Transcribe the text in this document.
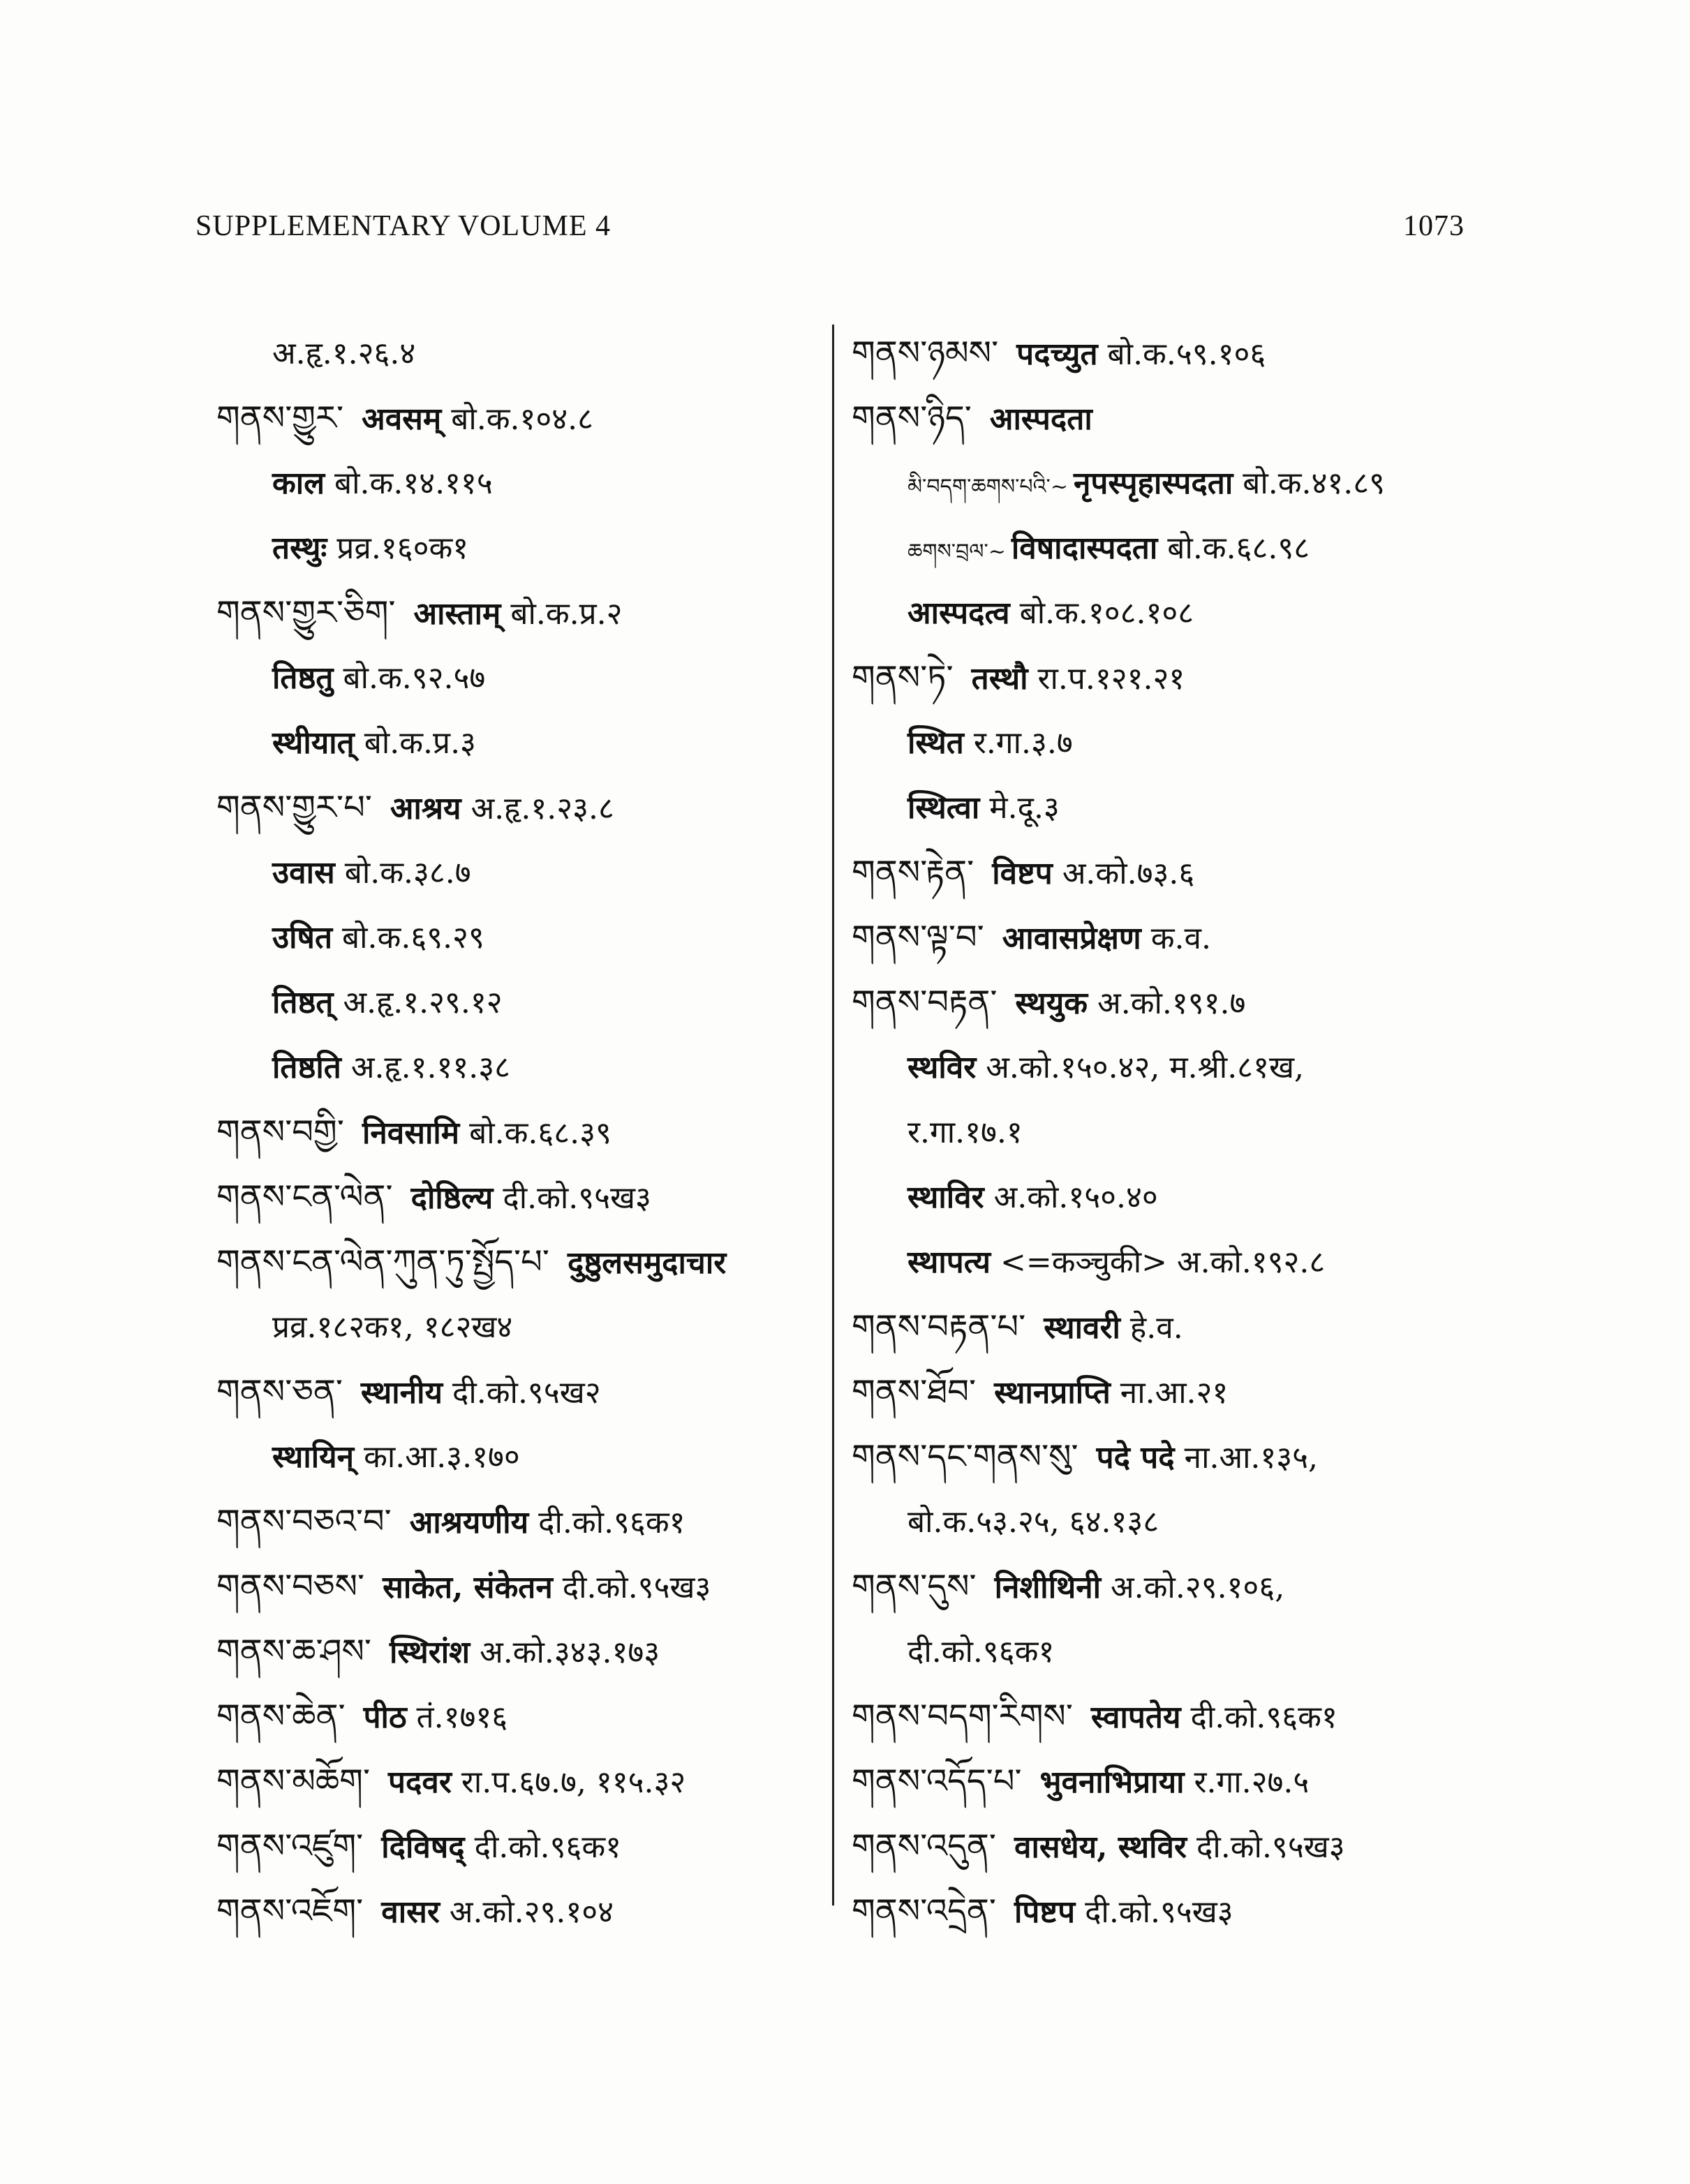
SUPPLEMENTARY VOLUME 4	1073
अ.हृ.१.२६.४
གནས་གྱུར་ अवसम् बो.क.१०४.८
काल बो.क.१४.११५
तस्थुः प्रव्र.१६०क१
གནས་གྱུར་ཅིག་ आस्ताम् बो.क.प्र.२
तिष्ठतु बो.क.९२.५७
स्थीयात् बो.क.प्र.३
གནས་གྱུར་པ་ आश्रय अ.हृ.१.२३.८
उवास बो.क.३८.७
उषित बो.क.६९.२९
तिष्ठत् अ.हृ.१.२९.१२
तिष्ठति अ.हृ.१.११.३८
གནས་བགྱི་ निवसामि बो.क.६८.३९
གནས་ངན་ལེན་ दोष्ठिल्य दी.को.९५ख३
གནས་ངན་ལེན་ཀུན་ཏུ་སྤྱོད་པ་ दुष्ठुलसमुदाचार
प्रव्र.१८२क१, १८२ख४
གནས་ཅན་ स्थानीय दी.को.९५ख२
स्थायिन् का.आ.३.१७०
གནས་བཅའ་བ་ आश्रयणीय दी.को.९६क१
གནས་བཅས་ साकेत, संकेतन दी.को.९५ख३
གནས་ཆ་ཤས་ स्थिरांश अ.को.३४३.१७३
གནས་ཆེན་ पीठ तं.१७१६
གནས་མཆོག་ पदवर रा.प.६७.७, ११५.३२
གནས་འཛུག་ दिविषद् दी.को.९६क१
གནས་འཇོག་ वासर अ.को.२९.१०४
གནས་ཉམས་ पदच्युत बो.क.५९.१०६
གནས་ཉིད་ आस्पदता
མི་བདག་ཆགས་པའི་~ नृपस्पृहास्पदता बो.क.४१.८९
ཆགས་བྲལ་~ विषादास्पदता बो.क.६८.९८
आस्पदत्व बो.क.१०८.१०८
གནས་ཏེ་ तस्थौ रा.प.१२१.२१
स्थित र.गा.३.७
स्थित्वा मे.दू.३
གནས་རྟེན་ विष्टप अ.को.७३.६
གནས་ལྟ་བ་ आवासप्रेक्षण क.व.
གནས་བརྟན་ स्थयुक अ.को.१९१.७
स्थविर अ.को.१५०.४२, म.श्री.८१ख,
र.गा.१७.१
स्थाविर अ.को.१५०.४०
स्थापत्य <=कञ्चुकी> अ.को.१९२.८
གནས་བརྟན་པ་ स्थावरी हे.व.
གནས་ཐོབ་ स्थानप्राप्ति ना.आ.२१
གནས་དང་གནས་སུ་ पदे पदे ना.आ.१३५,
बो.क.५३.२५, ६४.१३८
གནས་དུས་ निशीथिनी अ.को.२९.१०६,
दी.को.९६क१
གནས་བདག་རིགས་ स्वापतेय दी.को.९६क१
གནས་འདོད་པ་ भुवनाभिप्राया र.गा.२७.५
གནས་འདུན་ वासधेय, स्थविर दी.को.९५ख३
གནས་འདྲེན་ पिष्टप दी.को.९५ख३
